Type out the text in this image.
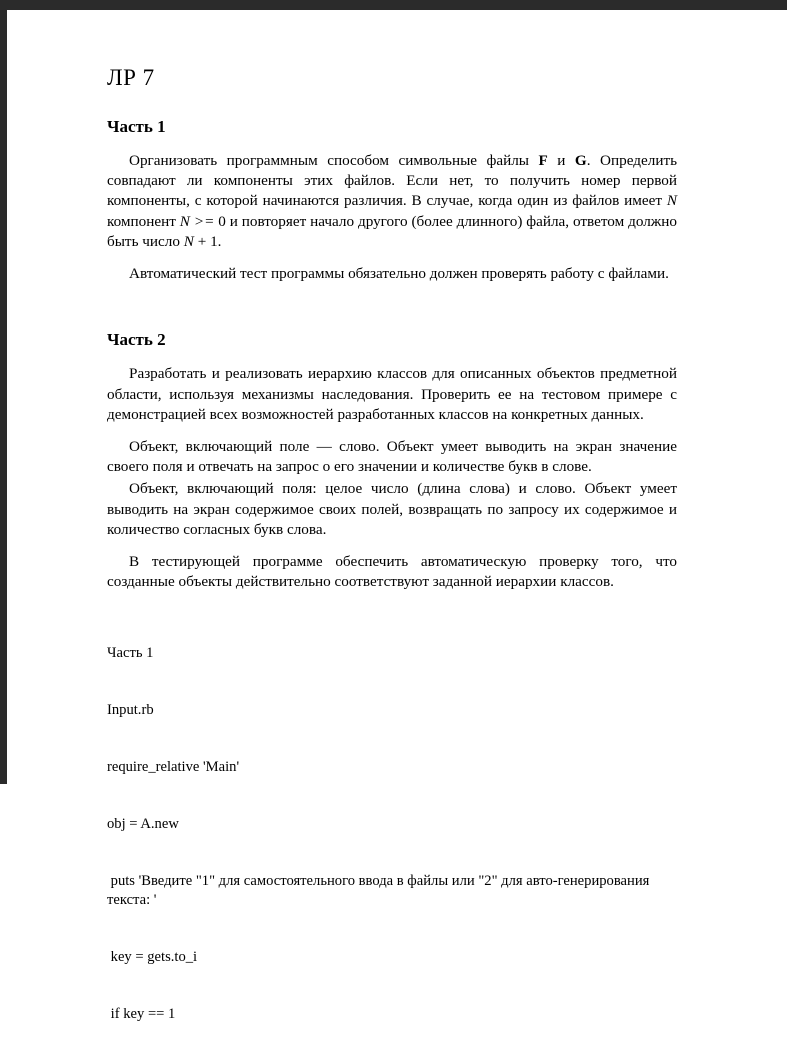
ЛР 7
Часть 1

Организовать программным способом символьные файлы F и G. Определить совпадают ли компоненты этих файлов. Если нет, то получить номер первой компоненты, с которой начинаются различия. В случае, когда один из файлов имеет N компонент N >= 0 и повторяет начало другого (более длинного) файла, ответом должно быть число N + 1.

Автоматический тест программы обязательно должен проверять работу с файлами.

Часть 2

Разработать и реализовать иерархию классов для описанных объектов предметной области, используя механизмы наследования. Проверить ее на тестовом примере с демонстрацией всех возможностей разработанных классов на конкретных данных.

Объект, включающий поле — слово. Объект умеет выводить на экран значение своего поля и отвечать на запрос о его значении и количестве букв в слове.

Объект, включающий поля: целое число (длина слова) и слово. Объект умеет выводить на экран содержимое своих полей, возвращать по запросу их содержимое и количество согласных букв слова.

В тестирующей программе обеспечить автоматическую проверку того, что созданные объекты действительно соответствуют заданной иерархии классов.

Часть 1

Input.rb

require_relative 'Main'

obj = A.new

puts 'Введите "1" для самостоятельного ввода в файлы или "2" для авто-генерирования текста: '

key = gets.to_i

if key == 1
